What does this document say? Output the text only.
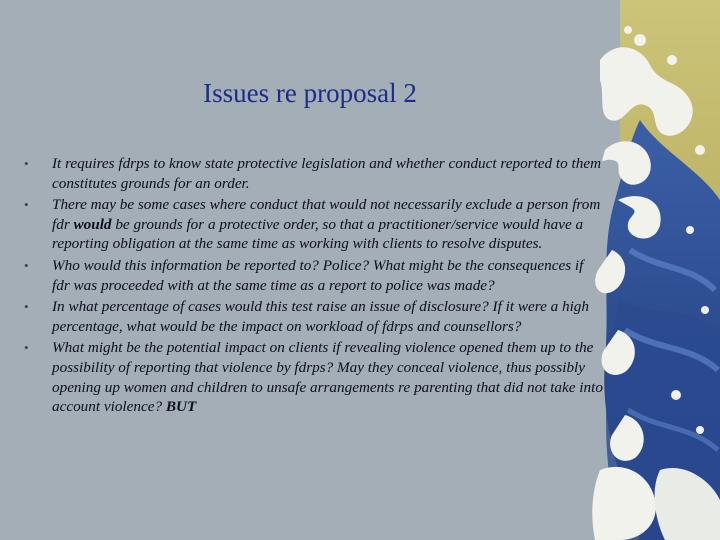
Issues re proposal 2
• It requires fdrps to know state protective legislation and whether conduct reported to them constitutes grounds for an order.
• There may be some cases where conduct that would not necessarily exclude a person from fdr would be grounds for a protective order, so that a practitioner/service would have a reporting obligation at the same time as working with clients to resolve disputes.
• Who would this information be reported to? Police? What might be the consequences if fdr was proceeded with at the same time as a report to police was made?
• In what percentage of cases would this test raise an issue of disclosure? If it were a high percentage, what would be the impact on workload of fdrps and counsellors?
• What might be the potential impact on clients if revealing violence opened them up to the possibility of reporting that violence by fdrps? May they conceal violence, thus possibly opening up women and children to unsafe arrangements re parenting that did not take into account violence? BUT
